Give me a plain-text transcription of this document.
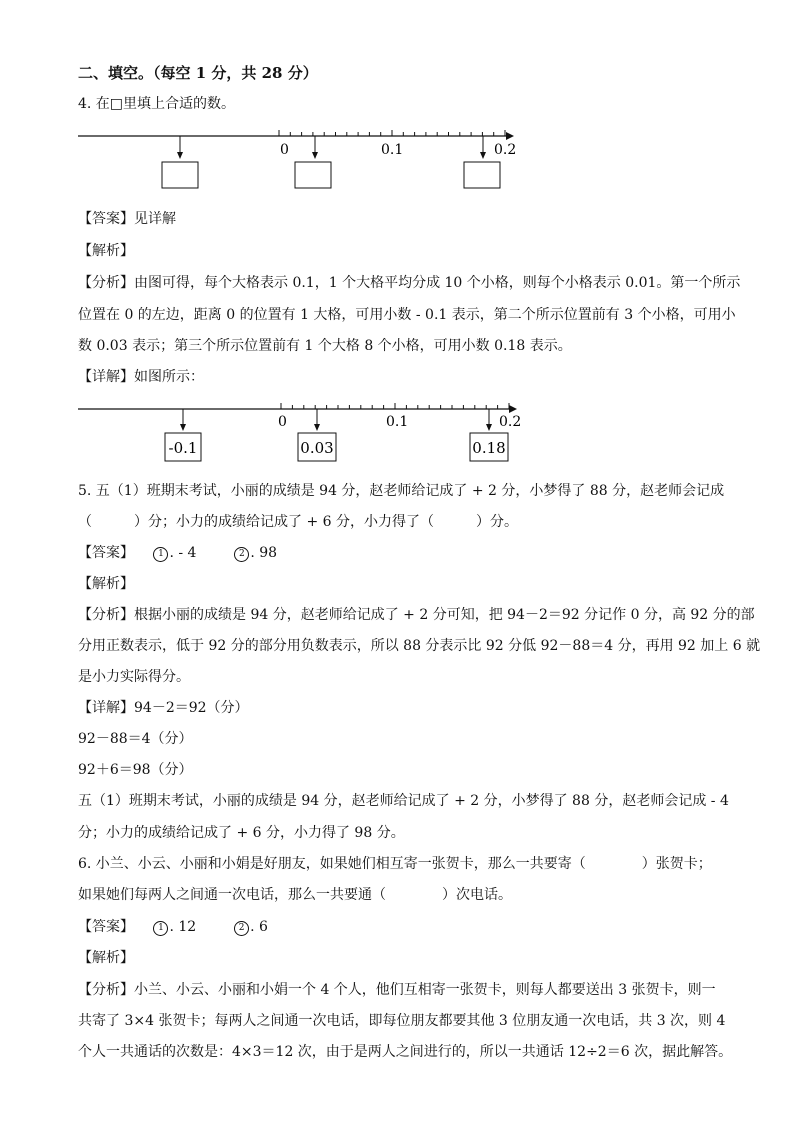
二、填空。（每空 1 分，共 28 分）
4. 在□里填上合适的数。
0	0.1	0.2
【答案】见详解
【解析】
【分析】由图可得，每个大格表示 0.1，1 个大格平均分成 10 个小格，则每个小格表示 0.01。第一个所示
位置在 0 的左边，距离 0 的位置有 1 大格，可用小数 - 0.1 表示，第二个所示位置前有 3 个小格，可用小
数 0.03 表示；第三个所示位置前有 1 个大格 8 个小格，可用小数 0.18 表示。
【详解】如图所示：
0	0.1	0.2
-0.1	0.03	0.18
5. 五（1）班期末考试，小丽的成绩是 94 分，赵老师给记成了 + 2 分，小梦得了 88 分，赵老师会记成
（　　　）分；小力的成绩给记成了 + 6 分，小力得了（　　　）分。
【答案】	1 . - 4	2 . 98
【解析】
【分析】根据小丽的成绩是 94 分，赵老师给记成了 + 2 分可知，把 94－2＝92 分记作 0 分，高 92 分的部
分用正数表示，低于 92 分的部分用负数表示，所以 88 分表示比 92 分低 92－88＝4 分，再用 92 加上 6 就
是小力实际得分。
【详解】94－2＝92（分）
92－88＝4（分）
92＋6＝98（分）
五（1）班期末考试，小丽的成绩是 94 分，赵老师给记成了 + 2 分，小梦得了 88 分，赵老师会记成 - 4
分；小力的成绩给记成了 + 6 分，小力得了 98 分。
6. 小兰、小云、小丽和小娟是好朋友，如果她们相互寄一张贺卡，那么一共要寄（　　　　）张贺卡；
如果她们每两人之间通一次电话，那么一共要通（　　　　）次电话。
【答案】	1 . 12	2 . 6
【解析】
【分析】小兰、小云、小丽和小娟一个 4 个人，他们互相寄一张贺卡，则每人都要送出 3 张贺卡，则一
共寄了 3×4 张贺卡；每两人之间通一次电话，即每位朋友都要其他 3 位朋友通一次电话，共 3 次，则 4
个人一共通话的次数是：4×3＝12 次，由于是两人之间进行的，所以一共通话 12÷2＝6 次，据此解答。
